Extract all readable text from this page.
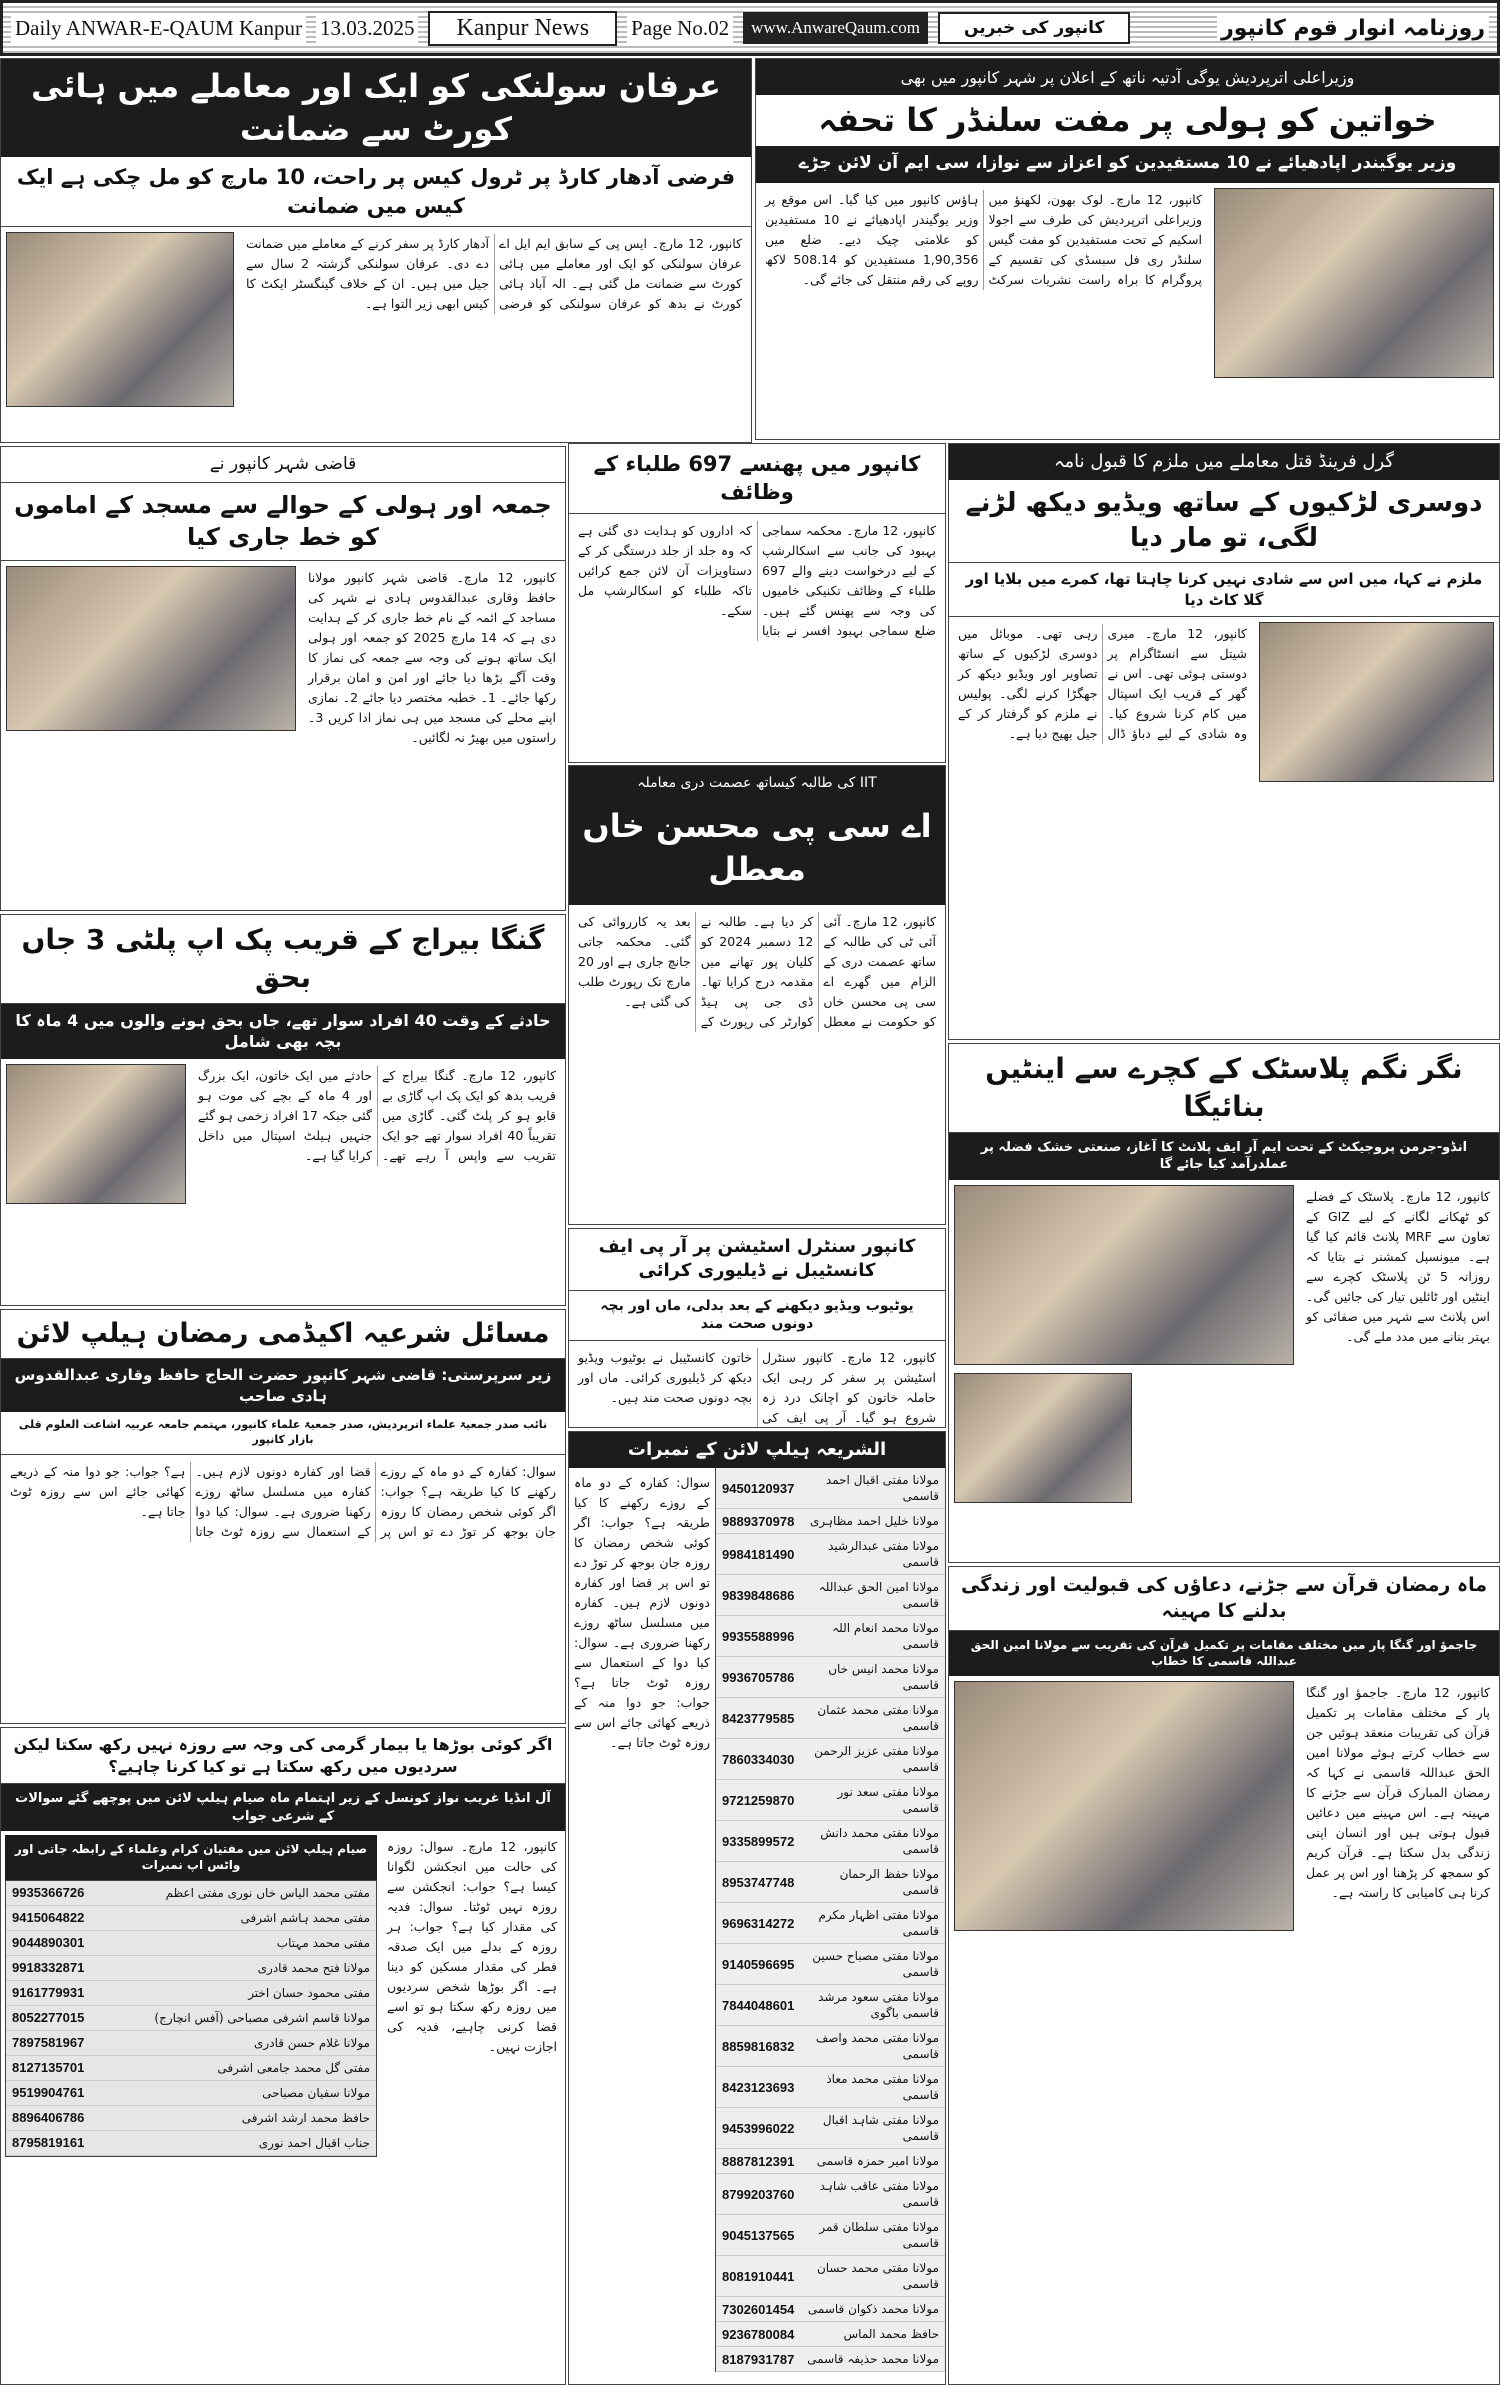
Daily ANWAR-E-QAUM Kanpur 13.03.2025	Kanpur News	Page No.02	www.AnwareQaum.com	کانپور کی خبریں	روزنامہ انوار قوم کانپور
عرفان سولنکی کو ایک اور معاملے میں ہائی کورٹ سے ضمانت
فرضی آدھار کارڈ پر ٹرول کیس پر راحت، 10 مارچ کو مل چکی ہے ایک کیس میں ضمانت
کانپور، 12 مارچ۔ ایس پی کے سابق ایم ایل اے عرفان سولنکی کو ایک اور معاملے میں ہائی کورٹ سے ضمانت مل گئی ہے۔ الہ آباد ہائی کورٹ نے بدھ کو عرفان سولنکی کو فرضی آدھار کارڈ پر سفر کرنے کے معاملے میں ضمانت دے دی۔ عرفان سولنکی گزشتہ 2 سال سے جیل میں ہیں۔ ان کے خلاف گینگسٹر ایکٹ کا کیس ابھی زیر التوا ہے۔
وزیراعلی اترپردیش یوگی آدتیہ ناتھ کے اعلان پر شہر کانپور میں بھی
خواتین کو ہولی پر مفت سلنڈر کا تحفہ
وزیر یوگیندر اپادھیائے نے 10 مستفیدین کو اعزاز سے نوازا، سی ایم آن لائن جڑے
کانپور، 12 مارچ۔ لوک بھون، لکھنؤ میں وزیراعلی اترپردیش کی طرف سے اجولا اسکیم کے تحت مستفیدین کو مفت گیس سلنڈر ری فل سبسڈی کی تقسیم کے پروگرام کا براہ راست نشریات سرکٹ ہاؤس کانپور میں کیا گیا۔ اس موقع پر وزیر یوگیندر اپادھیائے نے 10 مستفیدین کو علامتی چیک دیے۔ ضلع میں 1,90,356 مستفیدین کو 508.14 لاکھ روپے کی رقم منتقل کی جائے گی۔
قاضی شہر کانپور نے
جمعہ اور ہولی کے حوالے سے مسجد کے اماموں کو خط جاری کیا
کانپور، 12 مارچ۔ قاضی شہر کانپور مولانا حافظ وقاری عبدالقدوس ہادی نے شہر کی مساجد کے ائمہ کے نام خط جاری کر کے ہدایت دی ہے کہ 14 مارچ 2025 کو جمعہ اور ہولی ایک ساتھ ہونے کی وجہ سے جمعہ کی نماز کا وقت آگے بڑھا دیا جائے اور امن و امان برقرار رکھا جائے۔ 1۔ خطبہ مختصر دیا جائے 2۔ نمازی اپنے محلے کی مسجد میں ہی نماز ادا کریں 3۔ راستوں میں بھیڑ نہ لگائیں۔
کانپور میں پھنسے 697 طلباء کے وظائف
کانپور، 12 مارچ۔ محکمہ سماجی بہبود کی جانب سے اسکالرشپ کے لیے درخواست دینے والے 697 طلباء کے وظائف تکنیکی خامیوں کی وجہ سے پھنس گئے ہیں۔ ضلع سماجی بہبود افسر نے بتایا کہ اداروں کو ہدایت دی گئی ہے کہ وہ جلد از جلد درستگی کر کے دستاویزات آن لائن جمع کرائیں تاکہ طلباء کو اسکالرشپ مل سکے۔
IIT کی طالبہ کیساتھ عصمت دری معاملہ
اے سی پی محسن خاں معطل
کانپور، 12 مارچ۔ آئی آئی ٹی کی طالبہ کے ساتھ عصمت دری کے الزام میں گھرے اے سی پی محسن خاں کو حکومت نے معطل کر دیا ہے۔ طالبہ نے 12 دسمبر 2024 کو کلیان پور تھانے میں مقدمہ درج کرایا تھا۔ ڈی جی پی ہیڈ کوارٹر کی رپورٹ کے بعد یہ کارروائی کی گئی۔ محکمہ جاتی جانچ جاری ہے اور 20 مارچ تک رپورٹ طلب کی گئی ہے۔
گرل فرینڈ قتل معاملے میں ملزم کا قبول نامہ
دوسری لڑکیوں کے ساتھ ویڈیو دیکھ لڑنے لگی، تو مار دیا
ملزم نے کہا، میں اس سے شادی نہیں کرنا چاہتا تھا، کمرے میں بلایا اور گلا کاٹ دیا
کانپور، 12 مارچ۔ میری شیتل سے انسٹاگرام پر دوستی ہوئی تھی۔ اس نے گھر کے قریب ایک اسپتال میں کام کرنا شروع کیا۔ وہ شادی کے لیے دباؤ ڈال رہی تھی۔ موبائل میں دوسری لڑکیوں کے ساتھ تصاویر اور ویڈیو دیکھ کر جھگڑا کرنے لگی۔ پولیس نے ملزم کو گرفتار کر کے جیل بھیج دیا ہے۔
گنگا بیراج کے قریب پک اپ پلٹی 3 جاں بحق
حادثے کے وقت 40 افراد سوار تھے، جاں بحق ہونے والوں میں 4 ماہ کا بچہ بھی شامل
کانپور، 12 مارچ۔ گنگا بیراج کے قریب بدھ کو ایک پک اپ گاڑی بے قابو ہو کر پلٹ گئی۔ گاڑی میں تقریباً 40 افراد سوار تھے جو ایک تقریب سے واپس آ رہے تھے۔ حادثے میں ایک خاتون، ایک بزرگ اور 4 ماہ کے بچے کی موت ہو گئی جبکہ 17 افراد زخمی ہو گئے جنہیں ہیلٹ اسپتال میں داخل کرایا گیا ہے۔
نگر نگم پلاسٹک کے کچرے سے اینٹیں بنائیگا
انڈو-جرمن پروجیکٹ کے تحت ایم آر ایف پلانٹ کا آغاز، صنعتی خشک فضلہ پر عملدرآمد کیا جائے گا
کانپور، 12 مارچ۔ پلاسٹک کے فضلے کو ٹھکانے لگانے کے لیے GIZ کے تعاون سے MRF پلانٹ قائم کیا گیا ہے۔ میونسپل کمشنر نے بتایا کہ روزانہ 5 ٹن پلاسٹک کچرے سے اینٹیں اور ٹائلیں تیار کی جائیں گی۔ اس پلانٹ سے شہر میں صفائی کو بہتر بنانے میں مدد ملے گی۔
کانپور سنٹرل اسٹیشن پر آر پی ایف کانسٹیبل نے ڈیلیوری کرائی
یوٹیوب ویڈیو دیکھنے کے بعد بدلی، ماں اور بچہ دونوں صحت مند
کانپور، 12 مارچ۔ کانپور سنٹرل اسٹیشن پر سفر کر رہی ایک حاملہ خاتون کو اچانک درد زہ شروع ہو گیا۔ آر پی ایف کی خاتون کانسٹیبل نے یوٹیوب ویڈیو دیکھ کر ڈیلیوری کرائی۔ ماں اور بچہ دونوں صحت مند ہیں۔
الشریعہ ہیلپ لائن کے نمبرات
سوال: کفارہ کے دو ماہ کے روزے رکھنے کا کیا طریقہ ہے؟ جواب: اگر کوئی شخص رمضان کا روزہ جان بوجھ کر توڑ دے تو اس پر قضا اور کفارہ دونوں لازم ہیں۔ کفارہ میں مسلسل ساٹھ روزے رکھنا ضروری ہے۔ سوال: کیا دوا کے استعمال سے روزہ ٹوٹ جاتا ہے؟ جواب: جو دوا منہ کے ذریعے کھائی جائے اس سے روزہ ٹوٹ جاتا ہے۔
9450120937	مولانا مفتی اقبال احمد قاسمی
9889370978	مولانا خلیل احمد مظاہری
9984181490	مولانا مفتی عبدالرشید قاسمی
9839848686	مولانا امین الحق عبداللہ قاسمی
9935588996	مولانا محمد انعام اللہ قاسمی
9936705786	مولانا محمد انیس خاں قاسمی
8423779585	مولانا مفتی محمد عثمان قاسمی
7860334030	مولانا مفتی عزیز الرحمن قاسمی
9721259870	مولانا مفتی سعد نور قاسمی
9335899572	مولانا مفتی محمد دانش قاسمی
8953747748	مولانا حفظ الرحمان قاسمی
9696314272	مولانا مفتی اظہار مکرم قاسمی
9140596695	مولانا مفتی مصباح حسین قاسمی
7844048601	مولانا مفتی سعود مرشد قاسمی باگوی
8859816832	مولانا مفتی محمد واصف قاسمی
8423123693	مولانا مفتی محمد معاذ قاسمی
9453996022	مولانا مفتی شاہد اقبال قاسمی
8887812391	مولانا امیر حمزہ قاسمی
8799203760	مولانا مفتی عاقب شاہد قاسمی
9045137565	مولانا مفتی سلطان قمر قاسمی
8081910441	مولانا مفتی محمد حسان قاسمی
7302601454	مولانا محمد ذکوان قاسمی
9236780084	حافظ محمد الماس
8187931787	مولانا محمد حذیفہ قاسمی
مسائل شرعیہ اکیڈمی رمضان ہیلپ لائن
زیر سرپرستی: قاضی شہر کانپور حضرت الحاج حافظ وقاری عبدالقدوس ہادی صاحب
نائب صدر جمعیۃ علماء اترپردیش، صدر جمعیۃ علماء کانپور، مہتمم جامعہ عربیہ اشاعت العلوم قلی بازار کانپور
سوال: کفارہ کے دو ماہ کے روزے رکھنے کا کیا طریقہ ہے؟ جواب: اگر کوئی شخص رمضان کا روزہ جان بوجھ کر توڑ دے تو اس پر قضا اور کفارہ دونوں لازم ہیں۔ کفارہ میں مسلسل ساٹھ روزے رکھنا ضروری ہے۔ سوال: کیا دوا کے استعمال سے روزہ ٹوٹ جاتا ہے؟ جواب: جو دوا منہ کے ذریعے کھائی جائے اس سے روزہ ٹوٹ جاتا ہے۔
ماہ رمضان قرآن سے جڑنے، دعاؤں کی قبولیت اور زندگی بدلنے کا مہینہ
جاجمؤ اور گنگا پار میں مختلف مقامات پر تکمیل قرآن کی تقریب سے مولانا امین الحق عبداللہ قاسمی کا خطاب
کانپور، 12 مارچ۔ جاجمؤ اور گنگا پار کے مختلف مقامات پر تکمیل قرآن کی تقریبات منعقد ہوئیں جن سے خطاب کرتے ہوئے مولانا امین الحق عبداللہ قاسمی نے کہا کہ رمضان المبارک قرآن سے جڑنے کا مہینہ ہے۔ اس مہینے میں دعائیں قبول ہوتی ہیں اور انسان اپنی زندگی بدل سکتا ہے۔ قرآن کریم کو سمجھ کر پڑھنا اور اس پر عمل کرنا ہی کامیابی کا راستہ ہے۔
اگر کوئی بوڑھا یا بیمار گرمی کی وجہ سے روزہ نہیں رکھ سکتا لیکن سردیوں میں رکھ سکتا ہے تو کیا کرنا چاہیے؟
آل انڈیا غریب نواز کونسل کے زیر اہتمام ماہ صیام ہیلپ لائن میں پوچھے گئے سوالات کے شرعی جواب
صیام ہیلپ لائن میں مفتیان کرام وعلماء کے رابطہ جاتی اور واٹس اپ نمبرات
9935366726	مفتی محمد الیاس خاں نوری مفتی اعظم
9415064822	مفتی محمد ہاشم اشرفی
9044890301	مفتی محمد مہتاب
9918332871	مولانا فتح محمد قادری
9161779931	مفتی محمود حسان اختر
8052277015	مولانا قاسم اشرفی مصباحی (آفس انچارج)
7897581967	مولانا غلام حسن قادری
8127135701	مفتی گل محمد جامعی اشرفی
9519904761	مولانا سفیان مصباحی
8896406786	حافظ محمد ارشد اشرفی
8795819161	جناب اقبال احمد نوری
کانپور، 12 مارچ۔ سوال: روزہ کی حالت میں انجکشن لگوانا کیسا ہے؟ جواب: انجکشن سے روزہ نہیں ٹوٹتا۔ سوال: فدیہ کی مقدار کیا ہے؟ جواب: ہر روزہ کے بدلے میں ایک صدقہ فطر کی مقدار مسکین کو دینا ہے۔ اگر بوڑھا شخص سردیوں میں روزہ رکھ سکتا ہو تو اسے قضا کرنی چاہیے، فدیہ کی اجازت نہیں۔
